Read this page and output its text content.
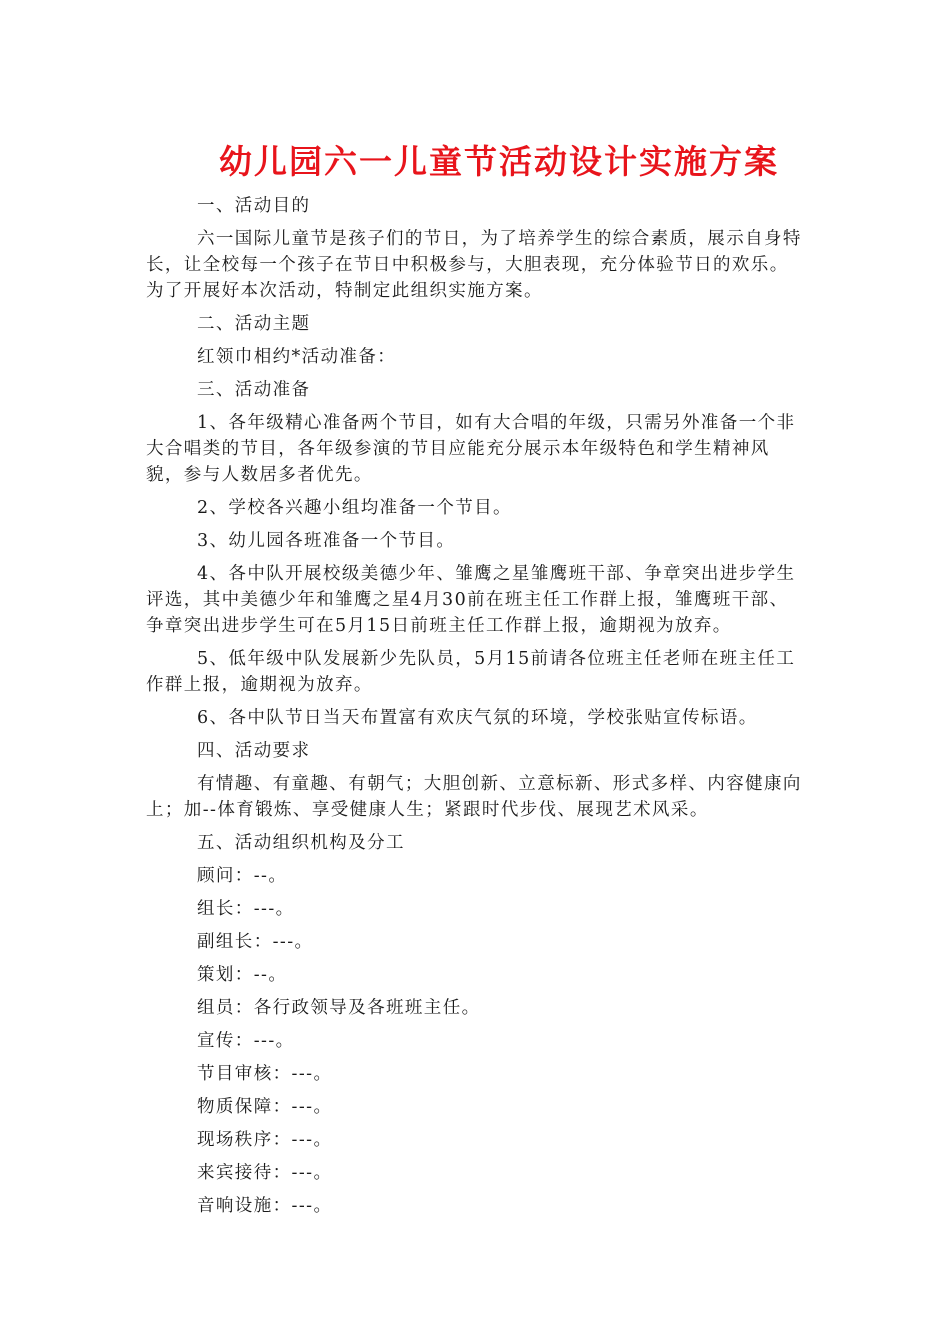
幼儿园六一儿童节活动设计实施方案

一、活动目的

六一国际儿童节是孩子们的节日，为了培养学生的综合素质，展示自身特长，让全校每一个孩子在节日中积极参与，大胆表现，充分体验节日的欢乐。为了开展好本次活动，特制定此组织实施方案。

二、活动主题

红领巾相约*活动准备：

三、活动准备

1、各年级精心准备两个节目，如有大合唱的年级，只需另外准备一个非大合唱类的节目，各年级参演的节目应能充分展示本年级特色和学生精神风貌，参与人数居多者优先。

2、学校各兴趣小组均准备一个节目。

3、幼儿园各班准备一个节目。

4、各中队开展校级美德少年、雏鹰之星雏鹰班干部、争章突出进步学生评选，其中美德少年和雏鹰之星4月30前在班主任工作群上报，雏鹰班干部、争章突出进步学生可在5月15日前班主任工作群上报，逾期视为放弃。

5、低年级中队发展新少先队员，5月15前请各位班主任老师在班主任工作群上报，逾期视为放弃。

6、各中队节日当天布置富有欢庆气氛的环境，学校张贴宣传标语。

四、活动要求

有情趣、有童趣、有朝气；大胆创新、立意标新、形式多样、内容健康向上；加--体育锻炼、享受健康人生；紧跟时代步伐、展现艺术风采。

五、活动组织机构及分工

顾问：--。

组长：---。

副组长：---。

策划：--。

组员：各行政领导及各班班主任。

宣传：---。

节目审核：---。

物质保障：---。

现场秩序：---。

来宾接待：---。

音响设施：---。
